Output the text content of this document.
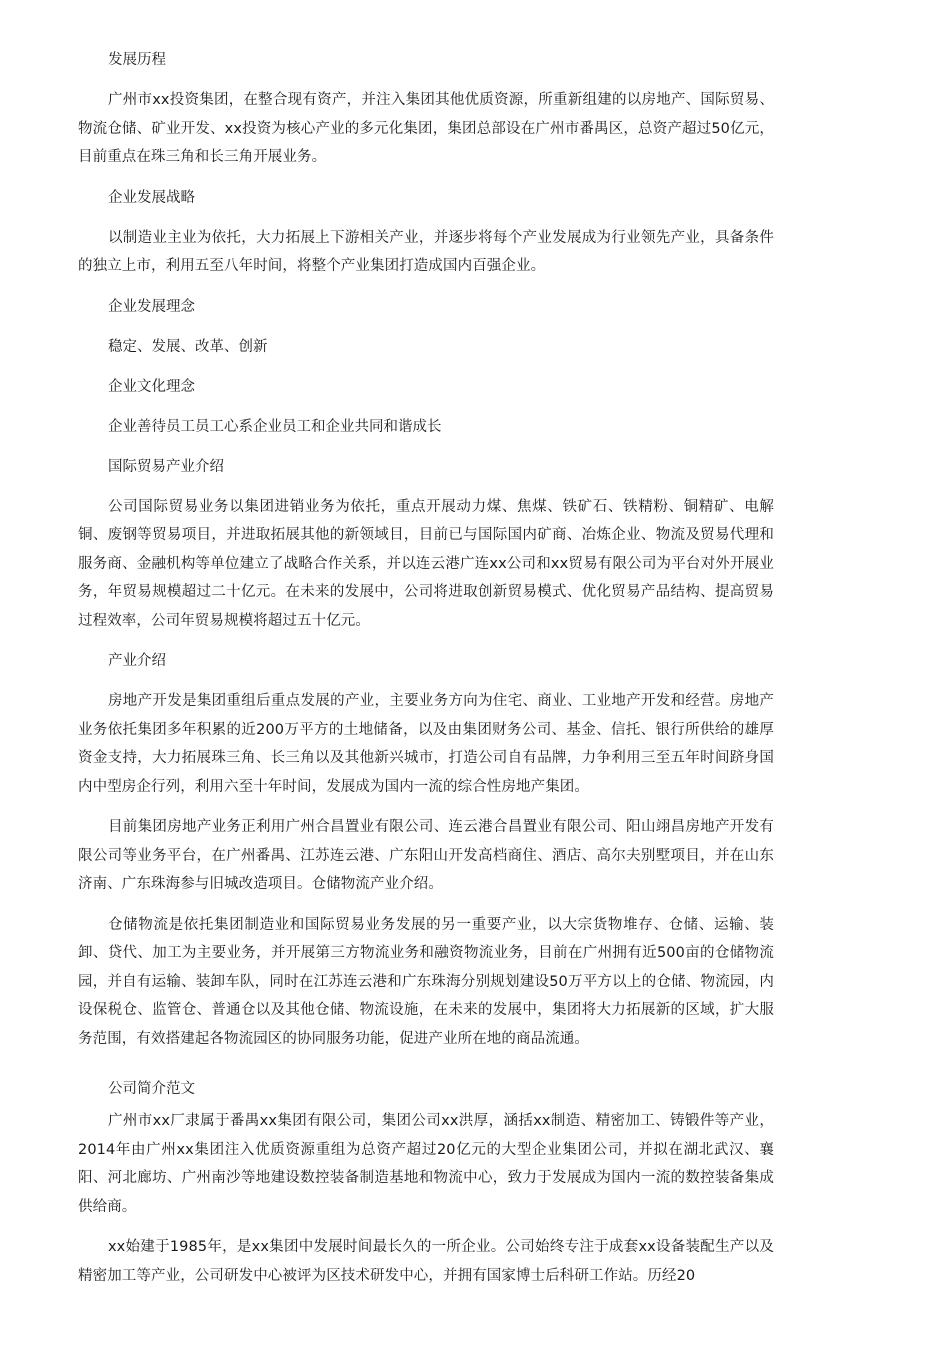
发展历程

广州市xx投资集团，在整合现有资产，并注入集团其他优质资源，所重新组建的以房地产、国际贸易、物流仓储、矿业开发、xx投资为核心产业的多元化集团，集团总部设在广州市番禺区，总资产超过50亿元，目前重点在珠三角和长三角开展业务。

企业发展战略

以制造业主业为依托，大力拓展上下游相关产业，并逐步将每个产业发展成为行业领先产业，具备条件的独立上市，利用五至八年时间，将整个产业集团打造成国内百强企业。

企业发展理念

稳定、发展、改革、创新

企业文化理念

企业善待员工员工心系企业员工和企业共同和谐成长

国际贸易产业介绍

公司国际贸易业务以集团进销业务为依托，重点开展动力煤、焦煤、铁矿石、铁精粉、铜精矿、电解铜、废钢等贸易项目，并进取拓展其他的新领域目，目前已与国际国内矿商、冶炼企业、物流及贸易代理和服务商、金融机构等单位建立了战略合作关系，并以连云港广连xx公司和xx贸易有限公司为平台对外开展业务，年贸易规模超过二十亿元。在未来的发展中，公司将进取创新贸易模式、优化贸易产品结构、提高贸易过程效率，公司年贸易规模将超过五十亿元。

产业介绍

房地产开发是集团重组后重点发展的产业，主要业务方向为住宅、商业、工业地产开发和经营。房地产业务依托集团多年积累的近200万平方的土地储备，以及由集团财务公司、基金、信托、银行所供给的雄厚资金支持，大力拓展珠三角、长三角以及其他新兴城市，打造公司自有品牌，力争利用三至五年时间跻身国内中型房企行列，利用六至十年时间，发展成为国内一流的综合性房地产集团。

目前集团房地产业务正利用广州合昌置业有限公司、连云港合昌置业有限公司、阳山翊昌房地产开发有限公司等业务平台，在广州番禺、江苏连云港、广东阳山开发高档商住、酒店、高尔夫别墅项目，并在山东济南、广东珠海参与旧城改造项目。仓储物流产业介绍。

仓储物流是依托集团制造业和国际贸易业务发展的另一重要产业，以大宗货物堆存、仓储、运输、装卸、贷代、加工为主要业务，并开展第三方物流业务和融资物流业务，目前在广州拥有近500亩的仓储物流园，并自有运输、装卸车队，同时在江苏连云港和广东珠海分别规划建设50万平方以上的仓储、物流园，内设保税仓、监管仓、普通仓以及其他仓储、物流设施，在未来的发展中，集团将大力拓展新的区域，扩大服务范围，有效搭建起各物流园区的协同服务功能，促进产业所在地的商品流通。

公司简介范文

广州市xx厂隶属于番禺xx集团有限公司，集团公司xx洪厚，涵括xx制造、精密加工、铸锻件等产业，2014年由广州xx集团注入优质资源重组为总资产超过20亿元的大型企业集团公司，并拟在湖北武汉、襄阳、河北廊坊、广州南沙等地建设数控装备制造基地和物流中心，致力于发展成为国内一流的数控装备集成供给商。

xx始建于1985年，是xx集团中发展时间最长久的一所企业。公司始终专注于成套xx设备装配生产以及精密加工等产业，公司研发中心被评为区技术研发中心，并拥有国家博士后科研工作站。历经20
